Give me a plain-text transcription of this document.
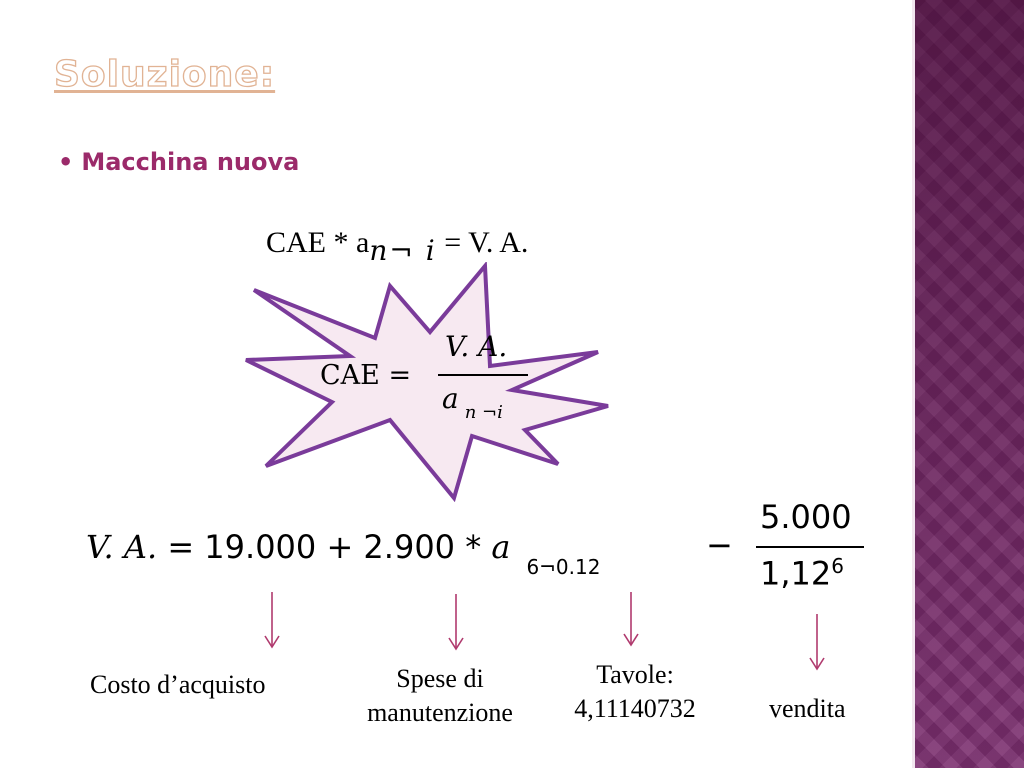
Soluzione:
• Macchina nuova
CAE * an¬ i = V. A.
CAE =
V. A.
a $_{n \neg i}$
V. A. = $19.000 + 2.900 * a_{6\neg 0.12}$
−
5.000
1,12$^6$
Costo d’acquisto	Spese di
manutenzione
Tavole:
4,11140732	vendita
